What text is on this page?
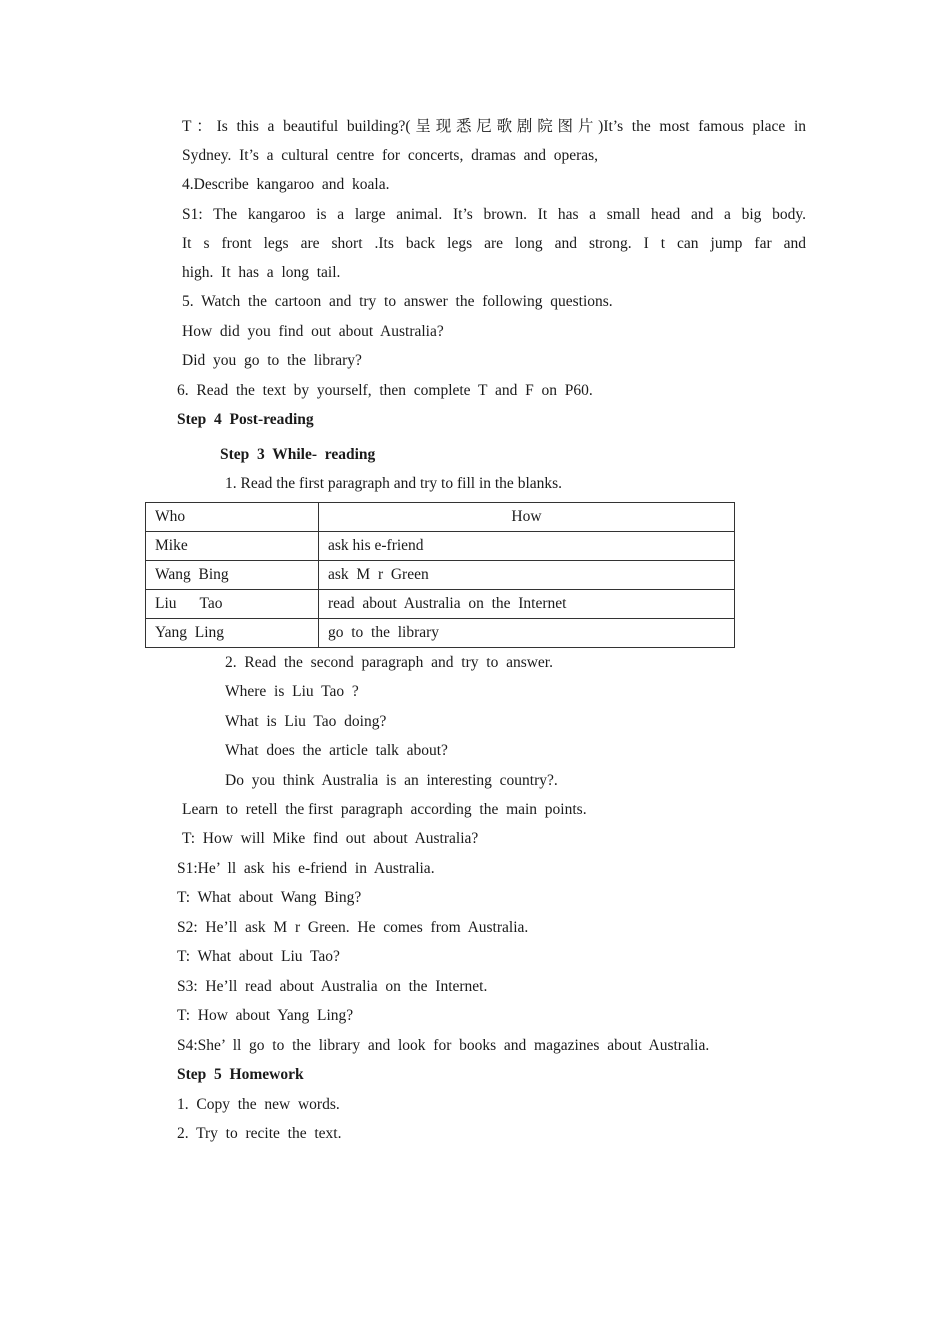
T：Is this a beautiful building?(呈现悉尼歌剧院图片)It’s the most famous place in
Sydney.  It’s  a  cultural  centre  for  concerts,  dramas  and  operas,
4.Describe  kangaroo  and  koala.
S1: The kangaroo is a large animal. It’s brown. It has a small head and a big body.
It s front legs are short .Its back legs are long and strong. I t can jump far and
high.  It  has  a  long  tail.
5.  Watch  the  cartoon  and  try  to  answer  the  following  questions.
How  did  you  find  out  about  Australia?
Did  you  go  to  the  library?
6.  Read  the  text  by  yourself,  then  complete  T  and  F  on  P60.
Step  4  Post-reading
Step  3  While-  reading
1. Read the first paragraph and try to fill in the blanks.
Who	How
Mike	ask his e-friend
Wang  Bing	ask  M  r  Green
Liu      Tao	read  about  Australia  on  the  Internet
Yang  Ling	go  to  the  library
2.  Read  the  second  paragraph  and  try  to  answer.
Where  is  Liu  Tao  ?
What  is  Liu  Tao  doing?
What  does  the  article  talk  about?
Do  you  think  Australia  is  an  interesting  country?.
Learn  to  retell  the first  paragraph  according  the  main  points.
T:  How  will  Mike  find  out  about  Australia?
S1:He’  ll  ask  his  e-friend  in  Australia.
T:  What  about  Wang  Bing?
S2:  He’ll  ask  M  r  Green.  He  comes  from  Australia.
T:  What  about  Liu  Tao?
S3:  He’ll  read  about  Australia  on  the  Internet.
T:  How  about  Yang  Ling?
S4:She’  ll  go  to  the  library  and  look  for  books  and  magazines  about  Australia.
Step  5  Homework
1.  Copy  the  new  words.
2.  Try  to  recite  the  text.
